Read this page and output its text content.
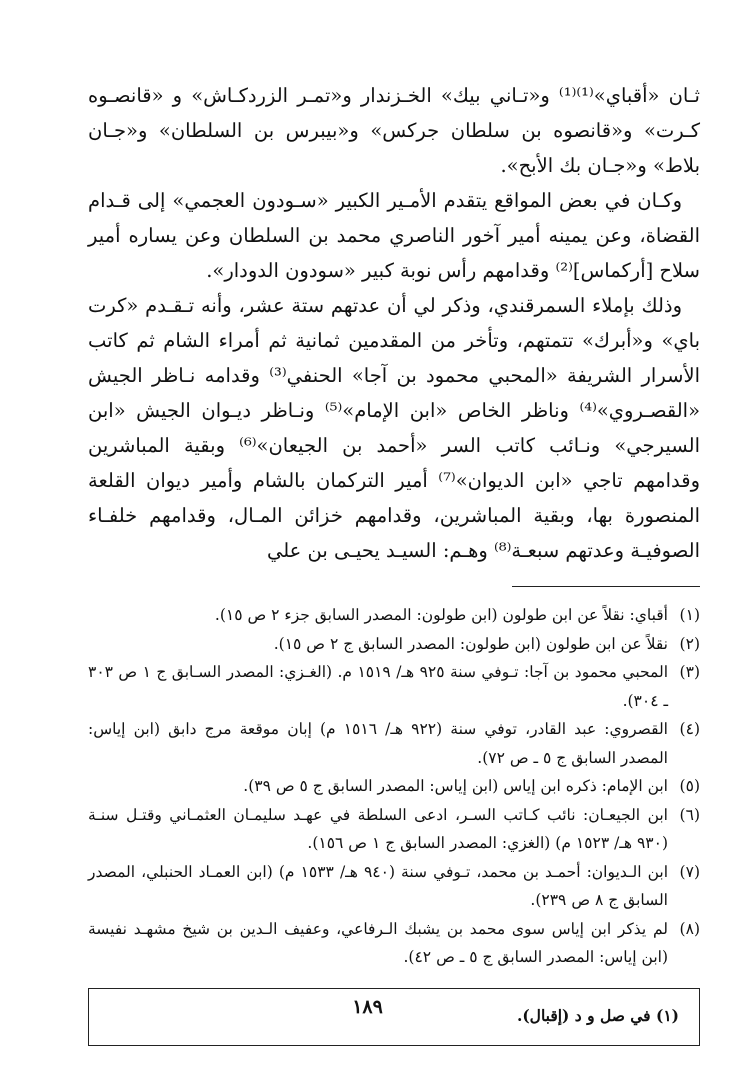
ثـان «أقباي»⁽¹⁾⁽¹⁾ و«تـاني بيك» الخـزندار و«تمـر الزردكـاش» و «قانصـوه كـرت» و«قانصوه بن سلطان جركس» و«بيبرس بن السلطان» و«جـان بلاط» و«جـان بك الأبح».

وكـان في بعض المواقع يتقدم الأمـير الكبير «سـودون العجمي» إلى قـدام القضاة، وعن يمينه أمير آخور الناصري محمد بن السلطان وعن يساره أمير سلاح [أركماس]⁽²⁾ وقدامهم رأس نوبة كبير «سودون الدودار».

وذلك بإملاء السمرقندي، وذكر لي أن عدتهم ستة عشر، وأنه تـقـدم «كرت باي» و«أبرك» تتمتهم، وتأخر من المقدمين ثمانية ثم أمراء الشام ثم كاتب الأسرار الشريفة «المحبي محمود بن آجا» الحنفي⁽³⁾ وقدامه نـاظر الجيش «القصـروي»⁽⁴⁾ وناظر الخاص «ابن الإمام»⁽⁵⁾ ونـاظر ديـوان الجيش «ابن السيرجي» ونـائب كاتب السر «أحمد بن الجيعان»⁽⁶⁾ وبقية المباشرين وقدامهم تاجي «ابن الديوان»⁽⁷⁾ أمير التركمان بالشام وأمير ديوان القلعة المنصورة بها، وبقية المباشرين، وقدامهم خزائن المـال، وقدامهم خلفـاء الصوفيـة وعدتهم سبعـة⁽⁸⁾ وهـم: السيـد يحيـى بن علي

(١)
أقباي: نقلاً عن ابن طولون (ابن طولون: المصدر السابق جزء ٢ ص ١٥).
(٢)
نقلاً عن ابن طولون (ابن طولون: المصدر السابق ج ٢ ص ١٥).
(٣)
المحبي محمود بن آجا: تـوفي سنة ٩٢٥ هـ/ ١٥١٩ م. (الغـزي: المصدر السـابق ج ١ ص ٣٠٣ ـ ٣٠٤).
(٤)
القصروي: عبد القادر، توفي سنة (٩٢٢ هـ/ ١٥١٦ م) إبان موقعة مرج دابق (ابن إياس: المصدر السابق ج ٥ ـ ص ٧٢).
(٥)
ابن الإمام: ذكره ابن إياس (ابن إياس: المصدر السابق ج ٥ ص ٣٩).
(٦)
ابن الجيعـان: نائب كـاتب السـر، ادعى السلطة في عهـد سليمـان العثمـاني وقتـل سنـة (٩٣٠ هـ/ ١٥٢٣ م) (الغزي: المصدر السابق ج ١ ص ١٥٦).
(٧)
ابن الـديوان: أحمـد بن محمد، تـوفي سنة (٩٤٠ هـ/ ١٥٣٣ م) (ابن العمـاد الحنبلي، المصدر السابق ج ٨ ص ٢٣٩).
(٨)
لم يذكر ابن إياس سوى محمد بن يشبك الـرفاعي، وعفيف الـدين بن شيخ مشهـد نفيسة (ابن إياس: المصدر السابق ج ٥ ـ ص ٤٢).
(١) في صل و د (إقبال).
١٨٩
